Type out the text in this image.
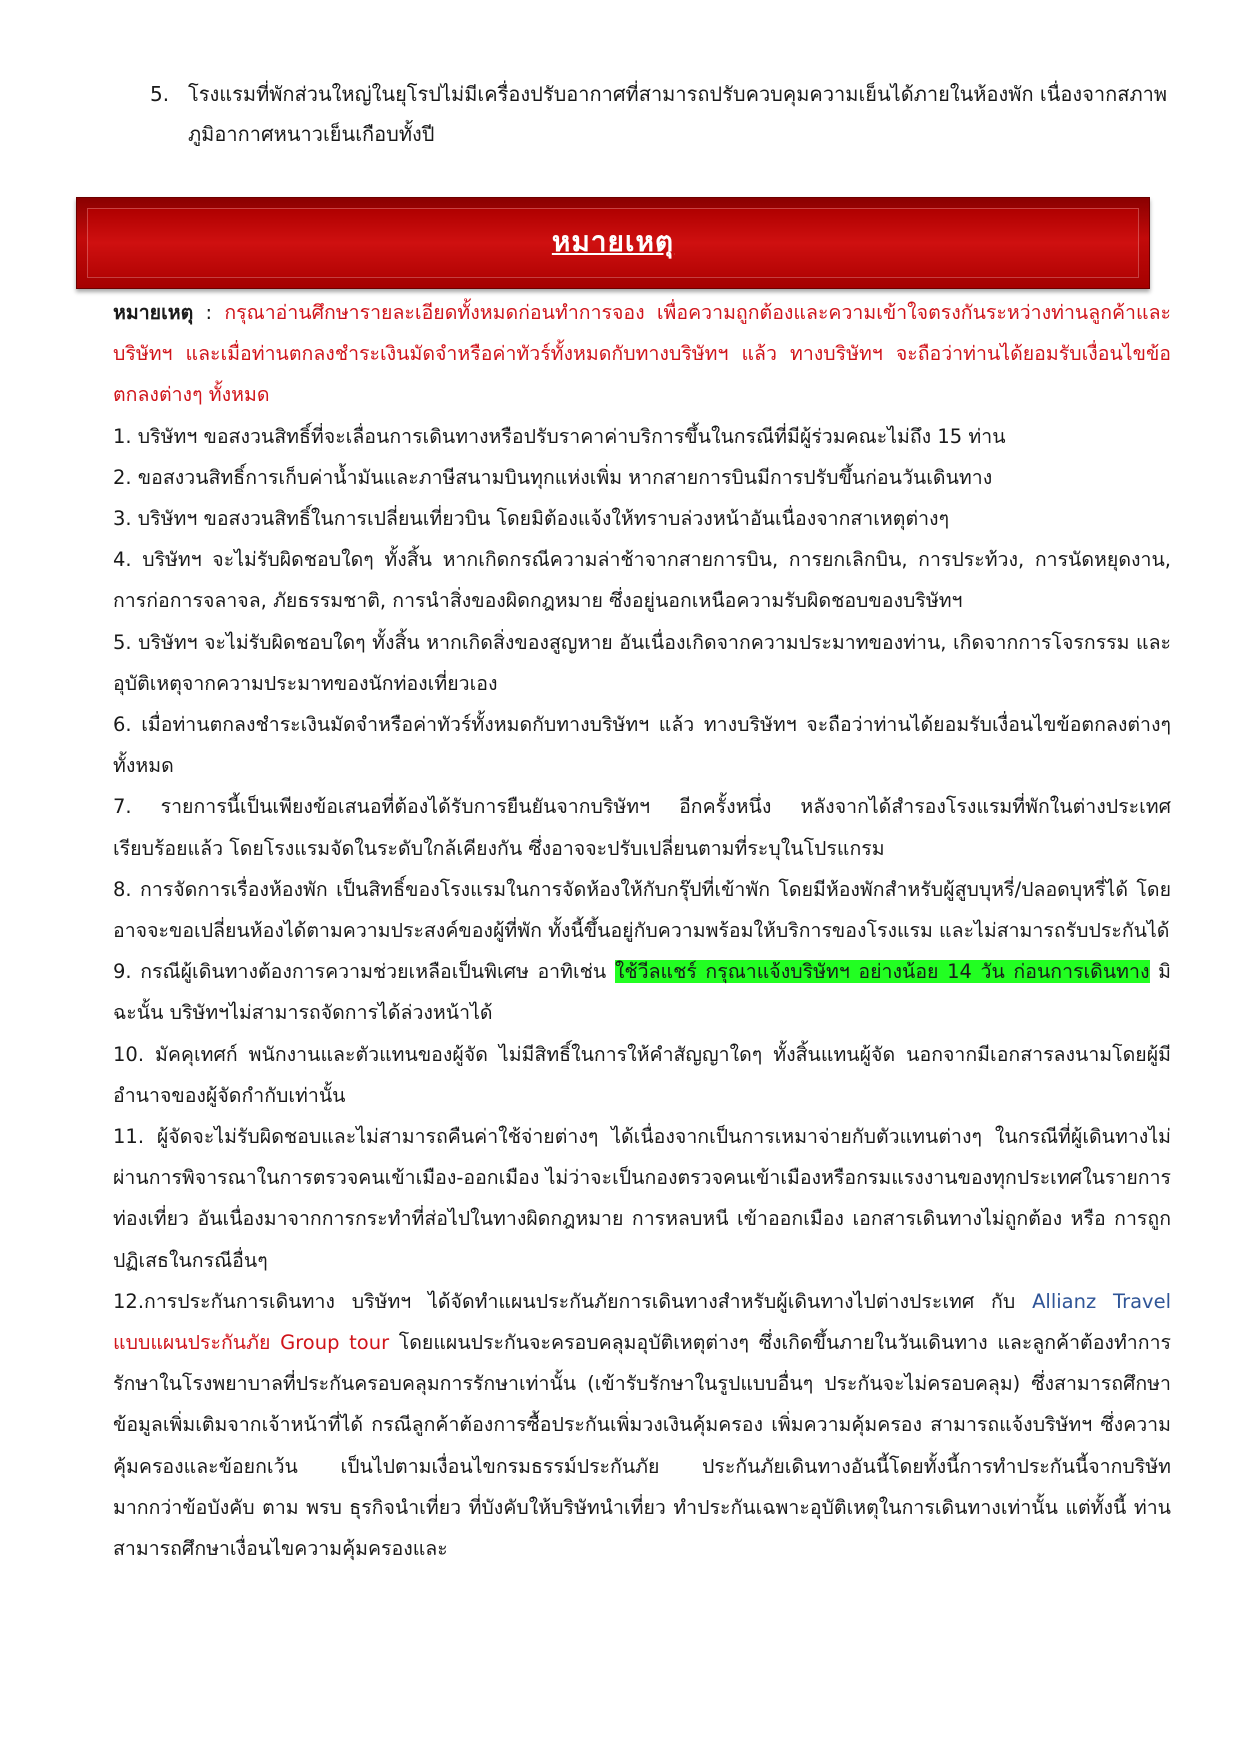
5. โรงแรมที่พักส่วนใหญ่ในยุโรปไม่มีเครื่องปรับอากาศที่สามารถปรับควบคุมความเย็นได้ภายในห้องพัก เนื่องจากสภาพภูมิอากาศหนาวเย็นเกือบทั้งปี
หมายเหตุ

หมายเหตุ : กรุณาอ่านศึกษารายละเอียดทั้งหมดก่อนทำการจอง เพื่อความถูกต้องและความเข้าใจตรงกันระหว่างท่านลูกค้าและบริษัทฯ และเมื่อท่านตกลงชำระเงินมัดจำหรือค่าทัวร์ทั้งหมดกับทางบริษัทฯ แล้ว ทางบริษัทฯ จะถือว่าท่านได้ยอมรับเงื่อนไขข้อตกลงต่างๆ ทั้งหมด

1. บริษัทฯ ขอสงวนสิทธิ์ที่จะเลื่อนการเดินทางหรือปรับราคาค่าบริการขึ้นในกรณีที่มีผู้ร่วมคณะไม่ถึง 15 ท่าน

2. ขอสงวนสิทธิ์การเก็บค่าน้ำมันและภาษีสนามบินทุกแห่งเพิ่ม หากสายการบินมีการปรับขึ้นก่อนวันเดินทาง

3. บริษัทฯ ขอสงวนสิทธิ์ในการเปลี่ยนเที่ยวบิน โดยมิต้องแจ้งให้ทราบล่วงหน้าอันเนื่องจากสาเหตุต่างๆ

4. บริษัทฯ จะไม่รับผิดชอบใดๆ ทั้งสิ้น หากเกิดกรณีความล่าช้าจากสายการบิน, การยกเลิกบิน, การประท้วง, การนัดหยุดงาน, การก่อการจลาจล, ภัยธรรมชาติ, การนำสิ่งของผิดกฎหมาย ซึ่งอยู่นอกเหนือความรับผิดชอบของบริษัทฯ

5. บริษัทฯ จะไม่รับผิดชอบใดๆ ทั้งสิ้น หากเกิดสิ่งของสูญหาย อันเนื่องเกิดจากความประมาทของท่าน, เกิดจากการโจรกรรม และ อุบัติเหตุจากความประมาทของนักท่องเที่ยวเอง

6. เมื่อท่านตกลงชำระเงินมัดจำหรือค่าทัวร์ทั้งหมดกับทางบริษัทฯ แล้ว ทางบริษัทฯ จะถือว่าท่านได้ยอมรับเงื่อนไขข้อตกลงต่างๆ ทั้งหมด

7. รายการนี้เป็นเพียงข้อเสนอที่ต้องได้รับการยืนยันจากบริษัทฯ อีกครั้งหนึ่ง หลังจากได้สำรองโรงแรมที่พักในต่างประเทศเรียบร้อยแล้ว โดยโรงแรมจัดในระดับใกล้เคียงกัน ซึ่งอาจจะปรับเปลี่ยนตามที่ระบุในโปรแกรม

8. การจัดการเรื่องห้องพัก เป็นสิทธิ์ของโรงแรมในการจัดห้องให้กับกรุ๊ปที่เข้าพัก โดยมีห้องพักสำหรับผู้สูบบุหรี่/ปลอดบุหรี่ได้ โดยอาจจะขอเปลี่ยนห้องได้ตามความประสงค์ของผู้ที่พัก ทั้งนี้ขึ้นอยู่กับความพร้อมให้บริการของโรงแรม และไม่สามารถรับประกันได้

9. กรณีผู้เดินทางต้องการความช่วยเหลือเป็นพิเศษ อาทิเช่น ใช้วีลแชร์ กรุณาแจ้งบริษัทฯ อย่างน้อย 14 วัน ก่อนการเดินทาง มิฉะนั้น บริษัทฯไม่สามารถจัดการได้ล่วงหน้าได้

10. มัคคุเทศก์ พนักงานและตัวแทนของผู้จัด ไม่มีสิทธิ์ในการให้คำสัญญาใดๆ ทั้งสิ้นแทนผู้จัด นอกจากมีเอกสารลงนามโดยผู้มีอำนาจของผู้จัดกำกับเท่านั้น

11. ผู้จัดจะไม่รับผิดชอบและไม่สามารถคืนค่าใช้จ่ายต่างๆ ได้เนื่องจากเป็นการเหมาจ่ายกับตัวแทนต่างๆ ในกรณีที่ผู้เดินทางไม่ผ่านการพิจารณาในการตรวจคนเข้าเมือง-ออกเมือง ไม่ว่าจะเป็นกองตรวจคนเข้าเมืองหรือกรมแรงงานของทุกประเทศในรายการท่องเที่ยว อันเนื่องมาจากการกระทำที่ส่อไปในทางผิดกฎหมาย การหลบหนี เข้าออกเมือง เอกสารเดินทางไม่ถูกต้อง หรือ การถูกปฏิเสธในกรณีอื่นๆ

12.การประกันการเดินทาง บริษัทฯ ได้จัดทำแผนประกันภัยการเดินทางสำหรับผู้เดินทางไปต่างประเทศ กับ Allianz Travel แบบแผนประกันภัย Group tour โดยแผนประกันจะครอบคลุมอุบัติเหตุต่างๆ ซึ่งเกิดขึ้นภายในวันเดินทาง และลูกค้าต้องทำการรักษาในโรงพยาบาลที่ประกันครอบคลุมการรักษาเท่านั้น (เข้ารับรักษาในรูปแบบอื่นๆ ประกันจะไม่ครอบคลุม) ซึ่งสามารถศึกษาข้อมูลเพิ่มเติมจากเจ้าหน้าที่ได้ กรณีลูกค้าต้องการซื้อประกันเพิ่มวงเงินคุ้มครอง เพิ่มความคุ้มครอง สามารถแจ้งบริษัทฯ ซึ่งความคุ้มครองและข้อยกเว้น เป็นไปตามเงื่อนไขกรมธรรม์ประกันภัย ประกันภัยเดินทางอันนี้โดยทั้งนี้การทำประกันนี้จากบริษัท มากกว่าข้อบังคับ ตาม พรบ ธุรกิจนำเที่ยว ที่บังคับให้บริษัทนำเที่ยว ทำประกันเฉพาะอุบัติเหตุในการเดินทางเท่านั้น แต่ทั้งนี้ ท่านสามารถศึกษาเงื่อนไขความคุ้มครองและ
